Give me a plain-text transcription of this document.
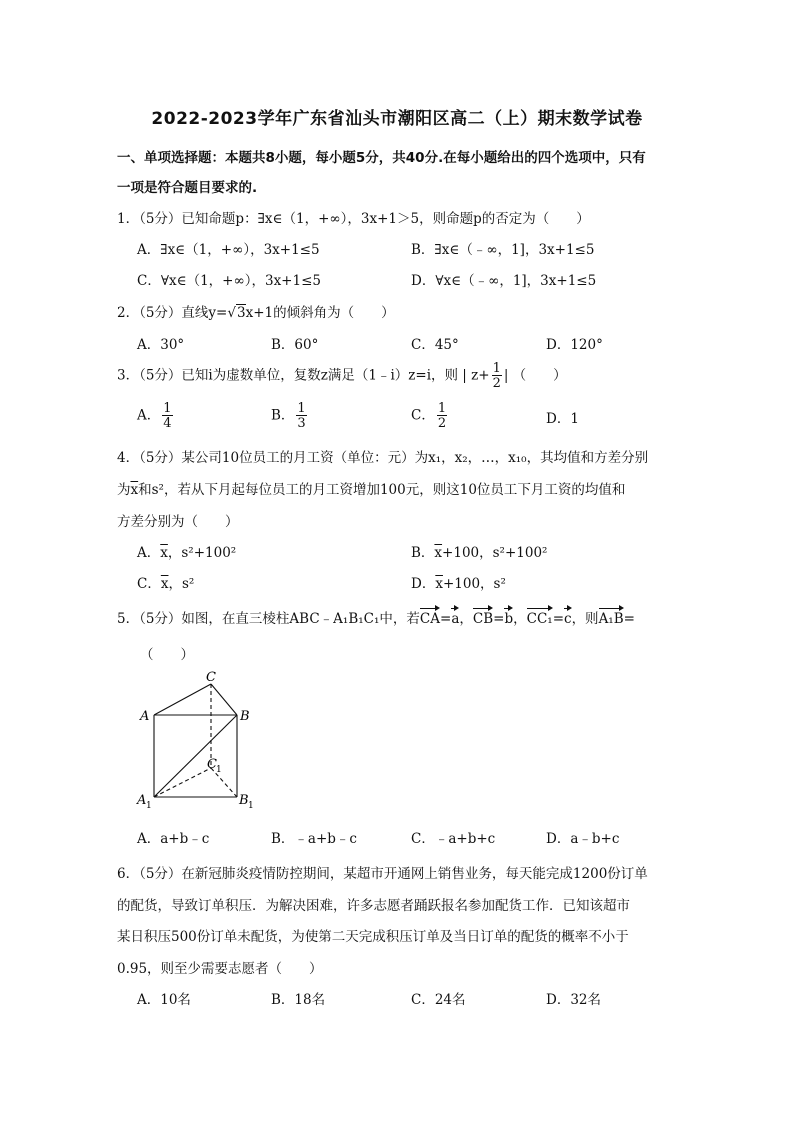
2022-2023学年广东省汕头市潮阳区高二（上）期末数学试卷
一、单项选择题：本题共8小题，每小题5分，共40分.在每小题给出的四个选项中，只有
一项是符合题目要求的.
1．（5分）已知命题p：∃x∈（1，+∞），3x+1＞5，则命题p的否定为（　　）
A．∃x∈（1，+∞），3x+1≤5	B．∃x∈（﹣∞，1]，3x+1≤5
C．∀x∈（1，+∞），3x+1≤5	D．∀x∈（﹣∞，1]，3x+1≤5
2．（5分）直线y=√3x+1的倾斜角为（　　）
A．30°	B．60°	C．45°	D．120°
3．（5分）已知i为虚数单位，复数z满足（1﹣i）z=i，则 | $z+ \frac{1}{2}$ | （　　）
A． $\frac{1}{4}$	B． $\frac{1}{3}$	C． $\frac{1}{2}$	D．1
4．（5分）某公司10位员工的月工资（单位：元）为x₁，x₂，…，x₁₀，其均值和方差分别
为$\overline{x}$和s²，若从下月起每位员工的月工资增加100元，则这10位员工下月工资的均值和
方差分别为（　　）
A．$\overline{x}$，s²+100²	B．$\overline{x}+100$，s²+100²
C．$\overline{x}$，s²	D．$\overline{x}+100$，s²
5．（5分）如图，在直三棱柱ABC﹣A₁B₁C₁中，若CA=a，CB=b，CC₁=c，则A₁B=
（　　）
C
A	B
C 1
A 1	B 1
A．a+b﹣c	B．﹣a+b﹣c	C．﹣a+b+c	D．a﹣b+c
6．（5分）在新冠肺炎疫情防控期间，某超市开通网上销售业务，每天能完成1200份订单
的配货，导致订单积压．为解决困难，许多志愿者踊跃报名参加配货工作．已知该超市
某日积压500份订单未配货，为使第二天完成积压订单及当日订单的配货的概率不小于
0.95，则至少需要志愿者（　　）
A．10名	B．18名	C．24名	D．32名
